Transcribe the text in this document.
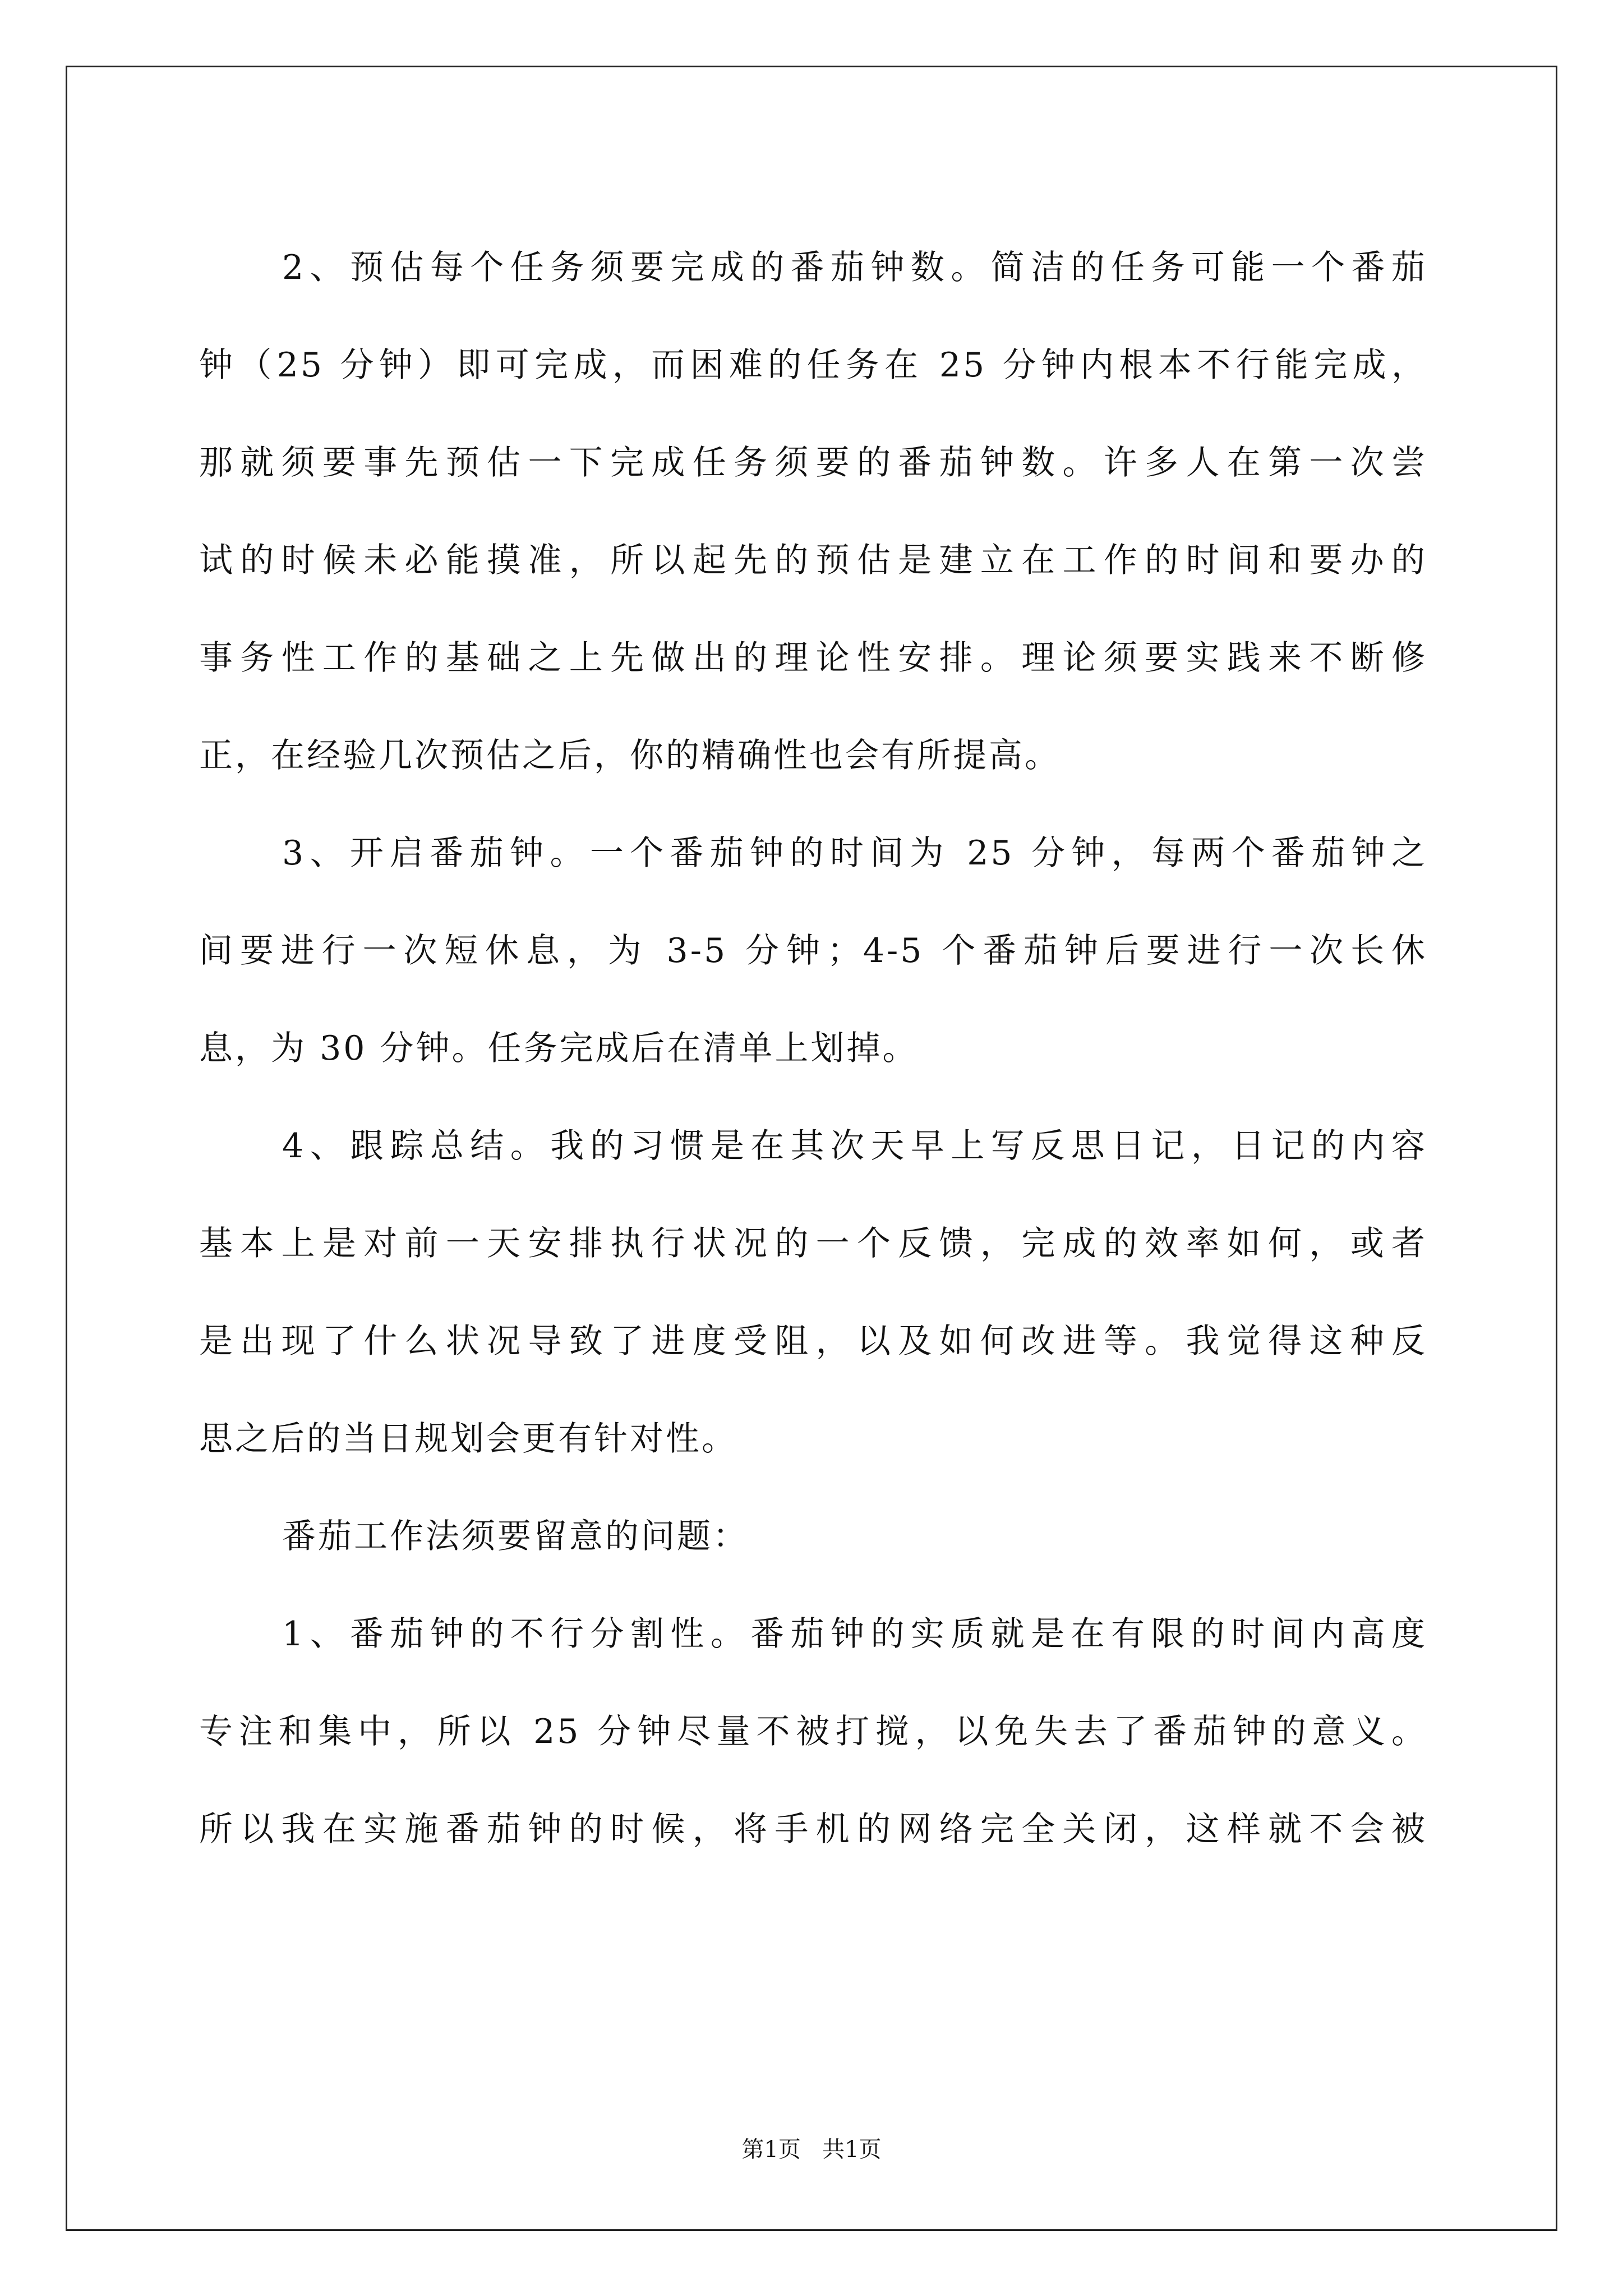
2、预估每个任务须要完成的番茄钟数。简洁的任务可能一个番茄
钟（25 分钟）即可完成，而困难的任务在 25 分钟内根本不行能完成，
那就须要事先预估一下完成任务须要的番茄钟数。许多人在第一次尝
试的时候未必能摸准，所以起先的预估是建立在工作的时间和要办的
事务性工作的基础之上先做出的理论性安排。理论须要实践来不断修
正，在经验几次预估之后，你的精确性也会有所提高。
3、开启番茄钟。一个番茄钟的时间为 25 分钟，每两个番茄钟之
间要进行一次短休息，为 3-5 分钟；4-5 个番茄钟后要进行一次长休
息，为 30 分钟。任务完成后在清单上划掉。
4、跟踪总结。我的习惯是在其次天早上写反思日记，日记的内容
基本上是对前一天安排执行状况的一个反馈，完成的效率如何，或者
是出现了什么状况导致了进度受阻，以及如何改进等。我觉得这种反
思之后的当日规划会更有针对性。
番茄工作法须要留意的问题：
1、番茄钟的不行分割性。番茄钟的实质就是在有限的时间内高度
专注和集中，所以 25 分钟尽量不被打搅，以免失去了番茄钟的意义。
所以我在实施番茄钟的时候，将手机的网络完全关闭，这样就不会被
第1页 共1页
